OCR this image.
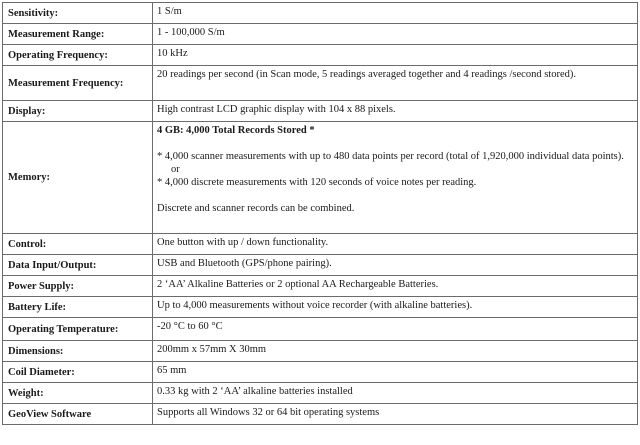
Sensitivity:	1 S/m
Measurement Range:	1 - 100,000 S/m
Operating Frequency:	10 kHz
Measurement Frequency:	20 readings per second (in Scan mode, 5 readings averaged together and 4 readings /second stored).
Display:	High contrast LCD graphic display with 104 x 88 pixels.
Memory:	4 GB: 4,000 Total Records Stored *

* 4,000 scanner measurements with up to 480 data points per record (total of 1,920,000 individual data points).

or

* 4,000 discrete measurements with 120 seconds of voice notes per reading.

Discrete and scanner records can be combined.

Control:	One button with up / down functionality.
Data Input/Output:	USB and Bluetooth (GPS/phone pairing).
Power Supply:	2 ‘AA’ Alkaline Batteries or 2 optional AA Rechargeable Batteries.
Battery Life:	Up to 4,000 measurements without voice recorder (with alkaline batteries).
Operating Temperature:	-20 °C to 60 °C
Dimensions:	200mm x 57mm X 30mm
Coil Diameter:	65 mm
Weight:	0.33 kg with 2 ‘AA’ alkaline batteries installed
GeoView Software	Supports all Windows 32 or 64 bit operating systems
